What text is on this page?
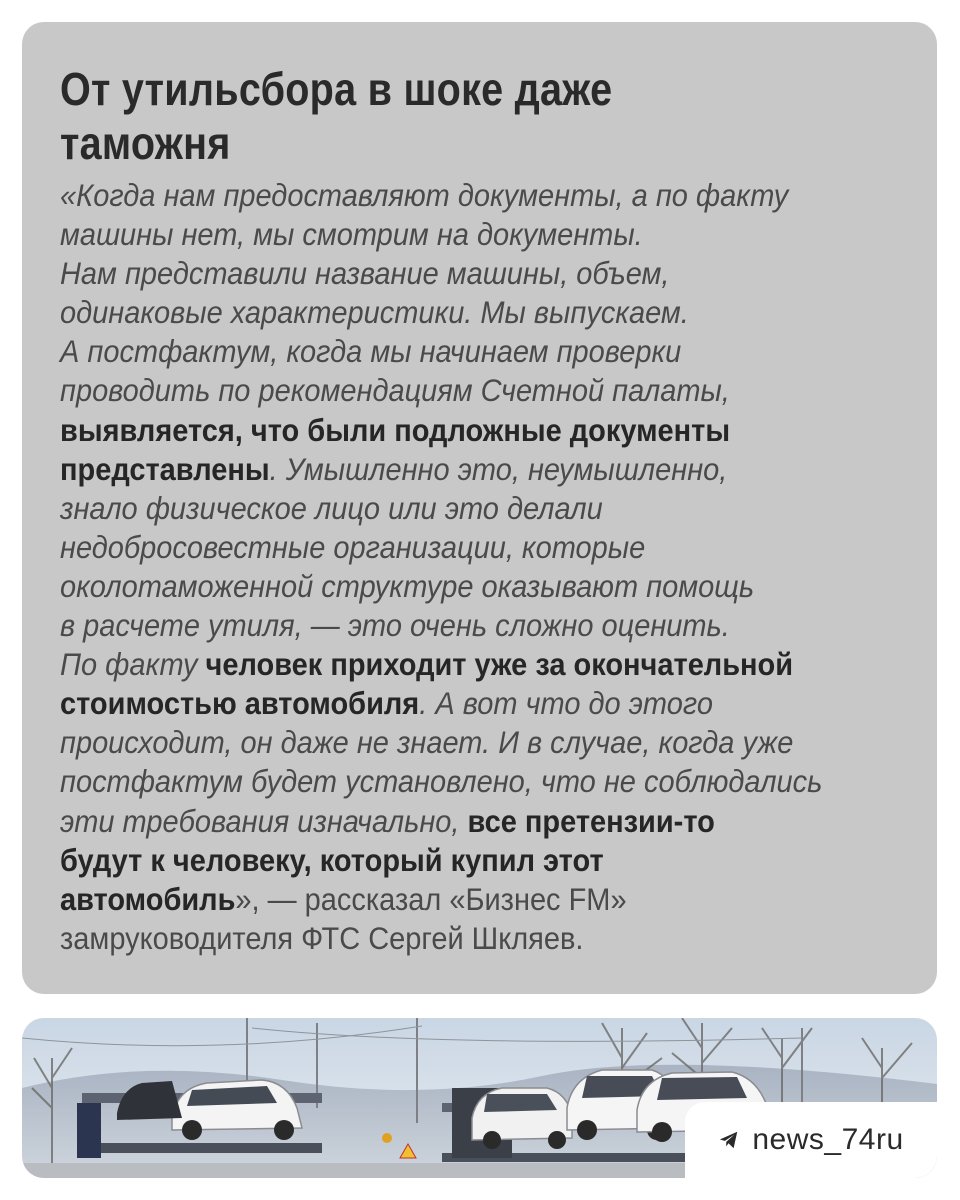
От утильсбора в шоке даже
таможня
«Когда нам предоставляют документы, а по факту
машины нет, мы смотрим на документы.
Нам представили название машины, объем,
одинаковые характеристики. Мы выпускаем.
А постфактум, когда мы начинаем проверки
проводить по рекомендациям Счетной палаты,
выявляется, что были подложные документы
представлены. Умышленно это, неумышленно,
знало физическое лицо или это делали
недобросовестные организации, которые
околотаможенной структуре оказывают помощь
в расчете утиля, — это очень сложно оценить.
По факту человек приходит уже за окончательной
стоимостью автомобиля. А вот что до этого
происходит, он даже не знает. И в случае, когда уже
постфактум будет установлено, что не соблюдались
эти требования изначально, все претензии-то
будут к человеку, который купил этот
автомобиль», — рассказал «Бизнес FM»
замруководителя ФТС Сергей Шкляев.
news_74ru
